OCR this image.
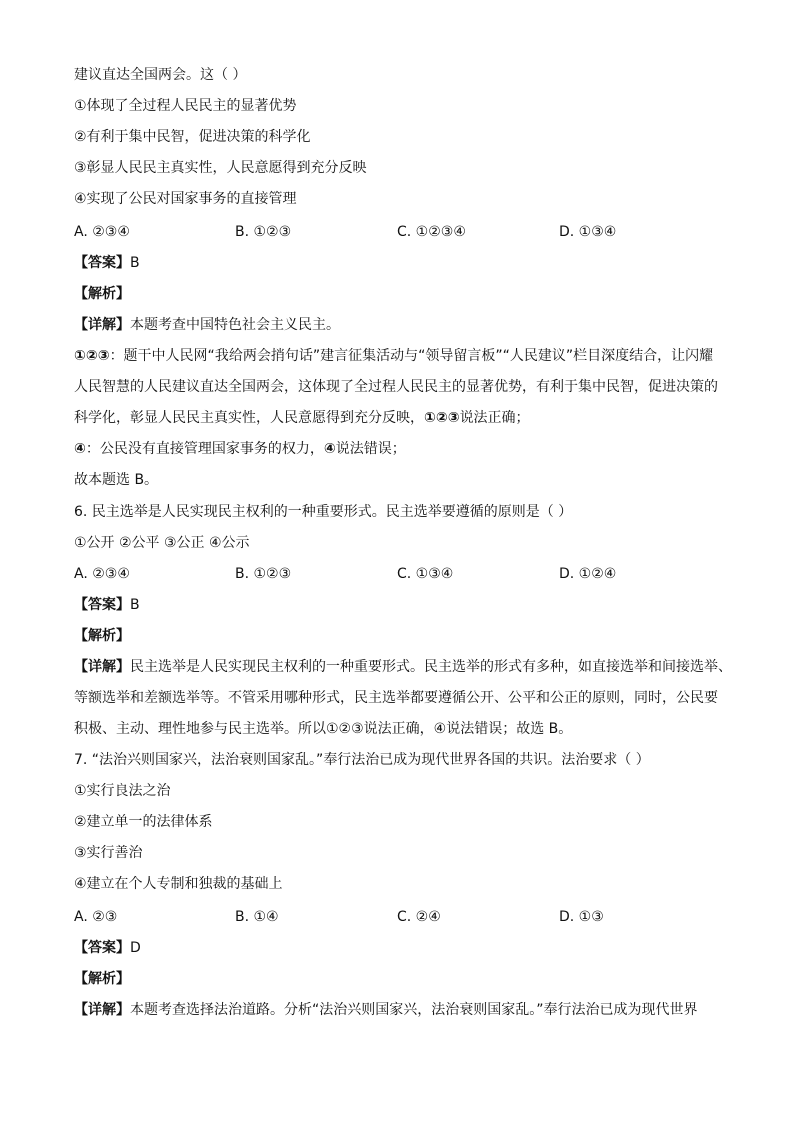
建议直达全国两会。这（ ）
①体现了全过程人民民主的显著优势
②有利于集中民智，促进决策的科学化
③彰显人民民主真实性，人民意愿得到充分反映
④实现了公民对国家事务的直接管理
A. ②③④	B. ①②③	C. ①②③④	D. ①③④
【答案】B
【解析】
【详解】本题考查中国特色社会主义民主。
①②③：题干中人民网“我给两会捎句话”建言征集活动与“领导留言板”“人民建议”栏目深度结合，让闪耀
人民智慧的人民建议直达全国两会，这体现了全过程人民民主的显著优势，有利于集中民智，促进决策的
科学化，彰显人民民主真实性，人民意愿得到充分反映，①②③说法正确；
④：公民没有直接管理国家事务的权力，④说法错误；
故本题选 B。
6. 民主选举是人民实现民主权利的一种重要形式。民主选举要遵循的原则是（ ）
①公开 ②公平 ③公正 ④公示
A. ②③④	B. ①②③	C. ①③④	D. ①②④
【答案】B
【解析】
【详解】民主选举是人民实现民主权利的一种重要形式。民主选举的形式有多种，如直接选举和间接选举、
等额选举和差额选举等。不管采用哪种形式，民主选举都要遵循公开、公平和公正的原则，同时，公民要
积极、主动、理性地参与民主选举。所以①②③说法正确，④说法错误；故选 B。
7. “法治兴则国家兴，法治衰则国家乱。”奉行法治已成为现代世界各国的共识。法治要求（ ）
①实行良法之治
②建立单一的法律体系
③实行善治
④建立在个人专制和独裁的基础上
A. ②③	B. ①④	C. ②④	D. ①③
【答案】D
【解析】
【详解】本题考查选择法治道路。分析“法治兴则国家兴，法治衰则国家乱。”奉行法治已成为现代世界
